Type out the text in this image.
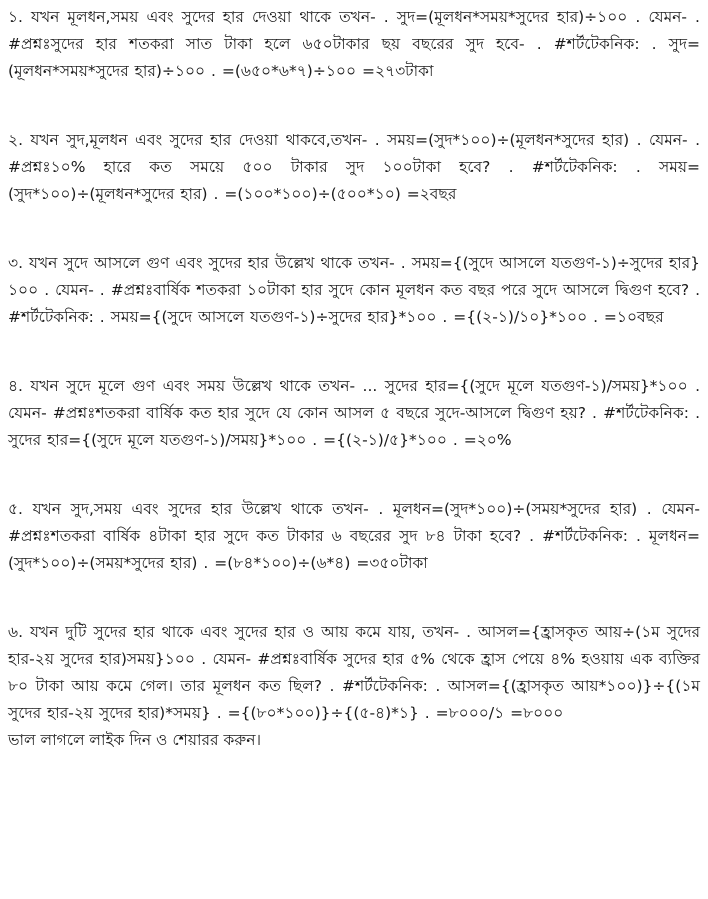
১. যখন মূলধন,সময় এবং সুদের হার দেওয়া থাকে তখন- . সুদ=(মূলধন*সময়*সুদের হার)÷১০০ . যেমন- . #প্রশ্নঃসুদের হার শতকরা সাত টাকা হলে ৬৫০টাকার ছয় বছরের সুদ হবে- . #শর্টটেকনিক: . সুদ=(মূলধন*সময়*সুদের হার)÷১০০ . =(৬৫০*৬*৭)÷১০০ =২৭৩টাকা

২. যখন সুদ,মূলধন এবং সুদের হার দেওয়া থাকবে,তখন- . সময়=(সুদ*১০০)÷(মূলধন*সুদের হার) . যেমন- . #প্রশ্নঃ১০% হারে কত সময়ে ৫০০ টাকার সুদ ১০০টাকা হবে? . #শর্টটেকনিক: . সময়=(সুদ*১০০)÷(মূলধন*সুদের হার) . =(১০০*১০০)÷(৫০০*১০) =২বছর

৩. যখন সুদে আসলে গুণ এবং সুদের হার উল্লেখ থাকে তখন- . সময়={(সুদে আসলে যতগুণ-১)÷সুদের হার}১০০ . যেমন- . #প্রশ্নঃবার্ষিক শতকরা ১০টাকা হার সুদে কোন মূলধন কত বছর পরে সুদে আসলে দ্বিগুণ হবে? . #শর্টটেকনিক: . সময়={(সুদে আসলে যতগুণ-১)÷সুদের হার}*১০০ . ={(২-১)/১০}*১০০ . =১০বছর

৪. যখন সুদে মূলে গুণ এবং সময় উল্লেখ থাকে তখন- ... সুদের হার={(সুদে মূলে যতগুণ-১)/সময়}*১০০ . যেমন- #প্রশ্নঃশতকরা বার্ষিক কত হার সুদে যে কোন আসল ৫ বছরে সুদে-আসলে দ্বিগুণ হয়? . #শর্টটেকনিক: . সুদের হার={(সুদে মূলে যতগুণ-১)/সময়}*১০০ . ={(২-১)/৫}*১০০ . =২০%

৫. যখন সুদ,সময় এবং সুদের হার উল্লেখ থাকে তখন- . মূলধন=(সুদ*১০০)÷(সময়*সুদের হার) . যেমন- #প্রশ্নঃশতকরা বার্ষিক ৪টাকা হার সুদে কত টাকার ৬ বছরের সুদ ৮৪ টাকা হবে? . #শর্টটেকনিক: . মূলধন=(সুদ*১০০)÷(সময়*সুদের হার) . =(৮৪*১০০)÷(৬*৪) =৩৫০টাকা

৬. যখন দুটি সুদের হার থাকে এবং সুদের হার ও আয় কমে যায়, তখন- . আসল={হ্রাসকৃত আয়÷(১ম সুদের হার-২য় সুদের হার)সময়}১০০ . যেমন- #প্রশ্নঃবার্ষিক সুদের হার ৫% থেকে হ্রাস পেয়ে ৪% হওয়ায় এক ব্যক্তির ৮০ টাকা আয় কমে গেল। তার মূলধন কত ছিল? . #শর্টটেকনিক: . আসল={(হ্রাসকৃত আয়*১০০)}÷{(১ম সুদের হার-২য় সুদের হার)*সময়} . ={(৮০*১০০)}÷{(৫-৪)*১} . =৮০০০/১ =৮০০০

ভাল লাগলে লাইক দিন ও শেয়ারর করুন।
